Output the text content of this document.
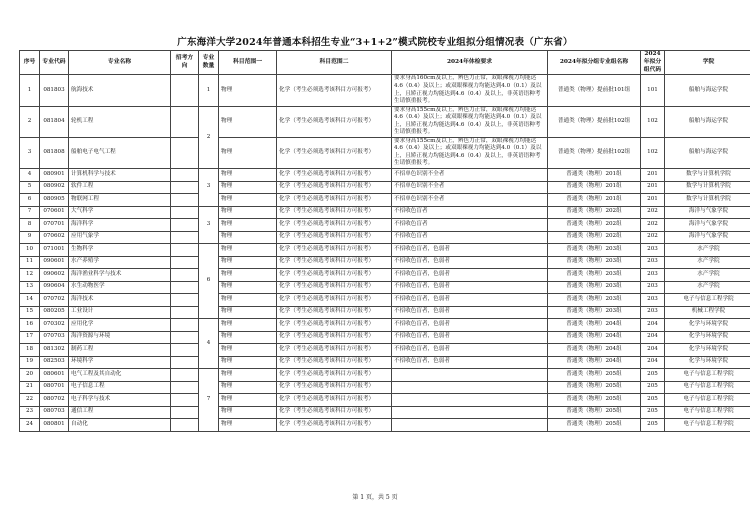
广东海洋大学2024年普通本科招生专业“3+1+2”模式院校专业组拟分组情况表（广东省）
序号	专业代码	专业名称	招考方向	专业数量	科目范围一	科目范围二	2024年体检要求	2024年拟分组专业组名称	2024年拟分组代码	学院
1	081803	航海技术		1	物理	化学（考生必须选考该科目方可报考）	要求身高160cm及以上，辨色力正常，双眼裸视力均能达4.6（0.4）及以上；或双眼裸视力均能达到4.0（0.1）及以上，且矫正视力均能达到4.6（0.4）及以上，非英语语种考生请慎重报考。	普通类（物理）提前批101组	101	船舶与海运学院
2	081804	轮机工程		2	物理	化学（考生必须选考该科目方可报考）	要求身高155cm及以上，辨色力正常，双眼裸视力均能达4.6（0.4）及以上；或双眼裸视力均能达到4.0（0.1）及以上，且矫正视力均能达到4.6（0.4）及以上，非英语语种考生请慎重报考。	普通类（物理）提前批102组	102	船舶与海运学院
3	081808	船舶电子电气工程			物理	化学（考生必须选考该科目方可报考）	要求身高155cm及以上，辨色力正常，双眼裸视力均能达4.6（0.4）及以上；或双眼裸视力均能达到4.0（0.1）及以上，且矫正视力均能达到4.6（0.4）及以上，非英语语种考生请慎重报考。	普通类（物理）提前批102组	102	船舶与海运学院
4	080901	计算机科学与技术		3	物理	化学（考生必须选考该科目方可报考）	不招单色识别不全者	普通类（物理）201组	201	数学与计算机学院
5	080902	软件工程			物理	化学（考生必须选考该科目方可报考）	不招单色识别不全者	普通类（物理）201组	201	数学与计算机学院
6	080905	物联网工程			物理	化学（考生必须选考该科目方可报考）	不招单色识别不全者	普通类（物理）201组	201	数学与计算机学院
7	070601	大气科学		3	物理	化学（考生必须选考该科目方可报考）	不招收色盲者	普通类（物理）202组	202	海洋与气象学院
8	070701	海洋科学			物理	化学（考生必须选考该科目方可报考）	不招收色盲者	普通类（物理）202组	202	海洋与气象学院
9	070602	应用气象学			物理	化学（考生必须选考该科目方可报考）	不招收色盲者	普通类（物理）202组	202	海洋与气象学院
10	071001	生物科学		6	物理	化学（考生必须选考该科目方可报考）	不招收色盲者，色弱者	普通类（物理）203组	203	水产学院
11	090601	水产养殖学			物理	化学（考生必须选考该科目方可报考）	不招收色盲者，色弱者	普通类（物理）203组	203	水产学院
12	090602	海洋渔业科学与技术			物理	化学（考生必须选考该科目方可报考）	不招收色盲者，色弱者	普通类（物理）203组	203	水产学院
13	090604	水生动物医学			物理	化学（考生必须选考该科目方可报考）	不招收色盲者，色弱者	普通类（物理）203组	203	水产学院
14	070702	海洋技术			物理	化学（考生必须选考该科目方可报考）	不招收色盲者，色弱者	普通类（物理）203组	203	电子与信息工程学院
15	080205	工业设计			物理	化学（考生必须选考该科目方可报考）	不招收色盲者，色弱者	普通类（物理）203组	203	机械工程学院
16	070302	应用化学		4	物理	化学（考生必须选考该科目方可报考）	不招收色盲者，色弱者	普通类（物理）204组	204	化学与环境学院
17	070703	海洋资源与环境			物理	化学（考生必须选考该科目方可报考）	不招收色盲者，色弱者	普通类（物理）204组	204	化学与环境学院
18	081302	制药工程			物理	化学（考生必须选考该科目方可报考）	不招收色盲者，色弱者	普通类（物理）204组	204	化学与环境学院
19	082503	环境科学			物理	化学（考生必须选考该科目方可报考）	不招收色盲者，色弱者	普通类（物理）204组	204	化学与环境学院
20	080601	电气工程及其自动化		7	物理	化学（考生必须选考该科目方可报考）		普通类（物理）205组	205	电子与信息工程学院
21	080701	电子信息工程			物理	化学（考生必须选考该科目方可报考）		普通类（物理）205组	205	电子与信息工程学院
22	080702	电子科学与技术			物理	化学（考生必须选考该科目方可报考）		普通类（物理）205组	205	电子与信息工程学院
23	080703	通信工程			物理	化学（考生必须选考该科目方可报考）		普通类（物理）205组	205	电子与信息工程学院
24	080801	自动化			物理	化学（考生必须选考该科目方可报考）		普通类（物理）205组	205	电子与信息工程学院
第 1 页，共 5 页
